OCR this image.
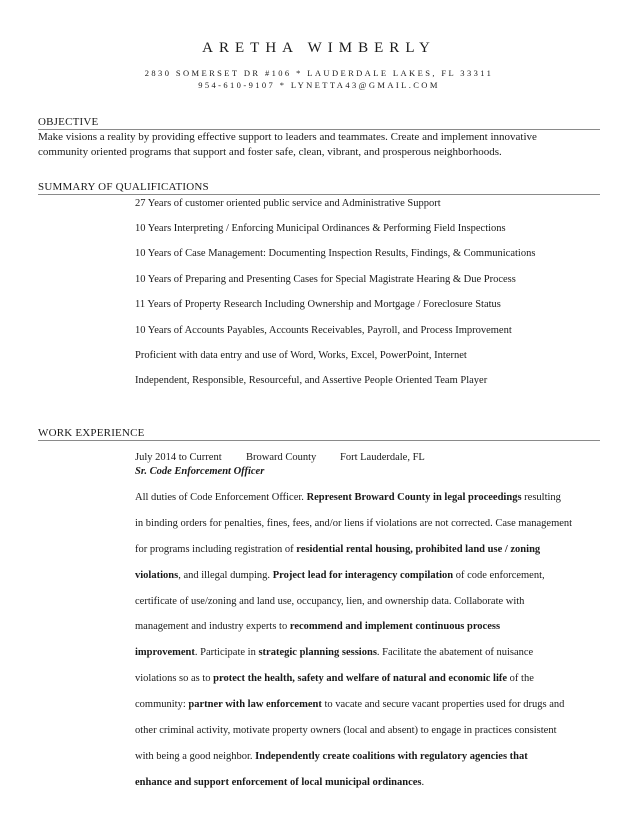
ARETHA WIMBERLY
2830 SOMERSET DR #106 * LAUDERDALE LAKES, FL 33311
954-610-9107 * LYNETTA43@GMAIL.COM
OBJECTIVE
Make visions a reality by providing effective support to leaders and teammates. Create and implement innovative
community oriented programs that support and foster safe, clean, vibrant, and prosperous neighborhoods.
SUMMARY OF QUALIFICATIONS
27 Years of customer oriented public service and Administrative Support
10 Years Interpreting / Enforcing Municipal Ordinances & Performing Field Inspections
10 Years of Case Management: Documenting Inspection Results, Findings, & Communications
10 Years of Preparing and Presenting Cases for Special Magistrate Hearing & Due Process
11 Years of Property Research Including Ownership and Mortgage / Foreclosure Status
10 Years of Accounts Payables, Accounts Receivables, Payroll, and Process Improvement
Proficient with data entry and use of Word, Works, Excel, PowerPoint, Internet
Independent, Responsible, Resourceful, and Assertive People Oriented Team Player
WORK EXPERIENCE
July 2014 to Current Broward County Fort Lauderdale, FL
Sr. Code Enforcement Officer
All duties of Code Enforcement Officer. Represent Broward County in legal proceedings resulting
in binding orders for penalties, fines, fees, and/or liens if violations are not corrected. Case management
for programs including registration of residential rental housing, prohibited land use / zoning
violations, and illegal dumping. Project lead for interagency compilation of code enforcement,
certificate of use/zoning and land use, occupancy, lien, and ownership data. Collaborate with
management and industry experts to recommend and implement continuous process
improvement. Participate in strategic planning sessions. Facilitate the abatement of nuisance
violations so as to protect the health, safety and welfare of natural and economic life of the
community: partner with law enforcement to vacate and secure vacant properties used for drugs and
other criminal activity, motivate property owners (local and absent) to engage in practices consistent
with being a good neighbor. Independently create coalitions with regulatory agencies that
enhance and support enforcement of local municipal ordinances.
